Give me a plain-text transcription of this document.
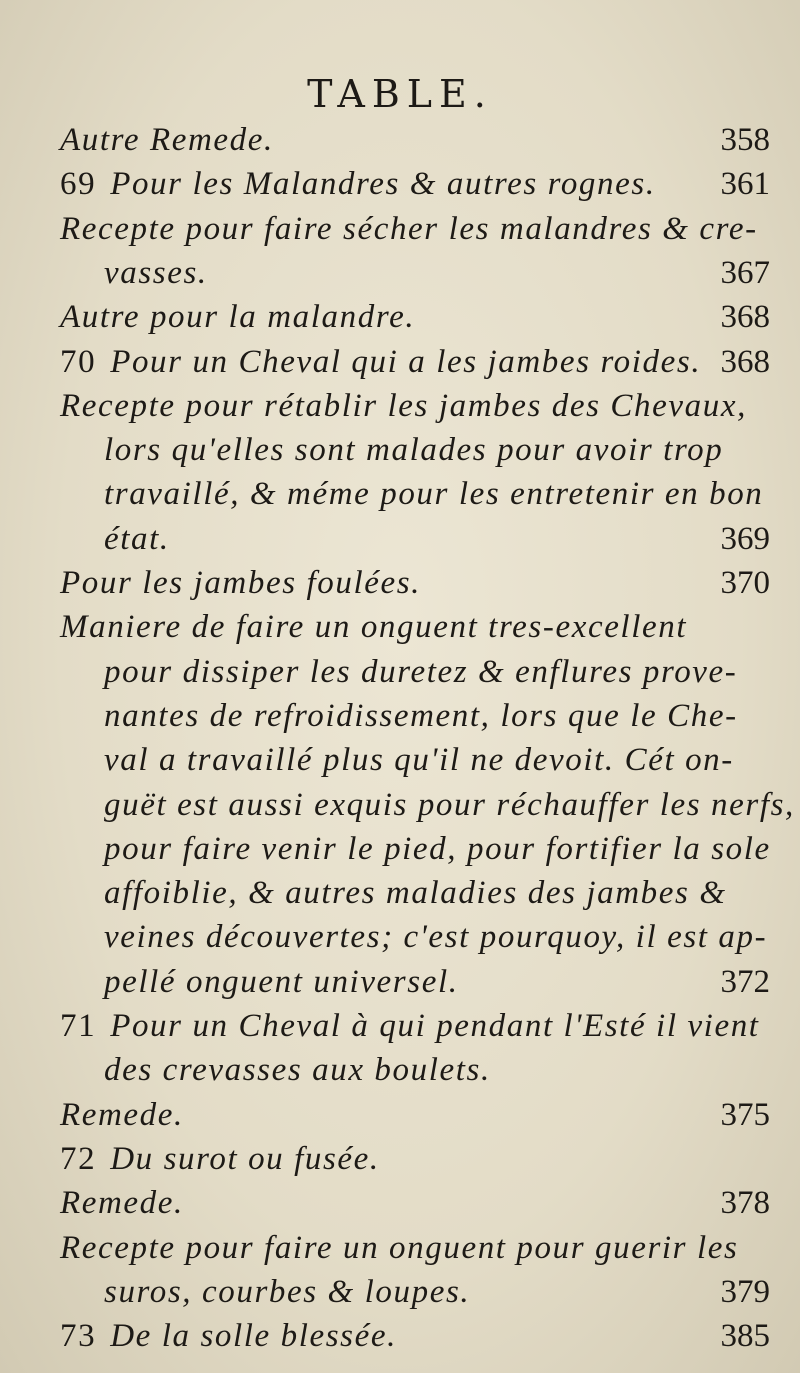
TABLE.
Autre Remede.	358
69 Pour les Malandres & autres rognes. 361
Recepte pour faire sécher les malandres & cre-
vasses.	367
Autre pour la malandre.	368
70 Pour un Cheval qui a les jambes roides. 368
Recepte pour rétablir les jambes des Chevaux,
lors qu'elles sont malades pour avoir trop
travaillé, & méme pour les entretenir en bon
état.	369
Pour les jambes foulées.	370
Maniere de faire un onguent tres-excellent
pour dissiper les duretez & enflures prove-
nantes de refroidissement, lors que le Che-
val a travaillé plus qu'il ne devoit. Cét on-
guët est aussi exquis pour réchauffer les nerfs,
pour faire venir le pied, pour fortifier la sole
affoiblie, & autres maladies des jambes &
veines découvertes; c'est pourquoy, il est ap-
pellé onguent universel.	372
71 Pour un Cheval à qui pendant l'Esté il vient
des crevasses aux boulets.
Remede.	375
72 Du surot ou fusée.
Remede.	378
Recepte pour faire un onguent pour guerir les
suros, courbes & loupes.	379
73 De la solle blessée.	385
